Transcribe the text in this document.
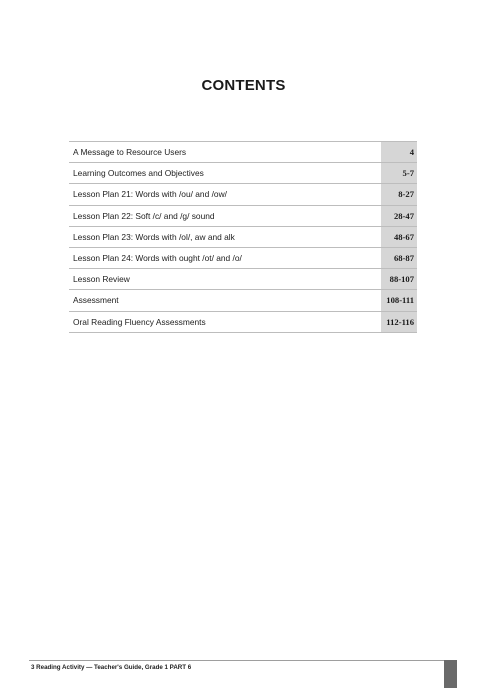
CONTENTS
A Message to Resource Users	4
Learning Outcomes and Objectives	5-7
Lesson Plan 21: Words with /ou/ and /ow/	8-27
Lesson Plan 22: Soft /c/ and /g/ sound	28-47
Lesson Plan 23: Words with /ol/, aw and alk	48-67
Lesson Plan 24: Words with ought /ot/ and /o/	68-87
Lesson Review	88-107
Assessment	108-111
Oral Reading Fluency Assessments	112-116
3 Reading Activity — Teacher's Guide, Grade 1 PART 6
